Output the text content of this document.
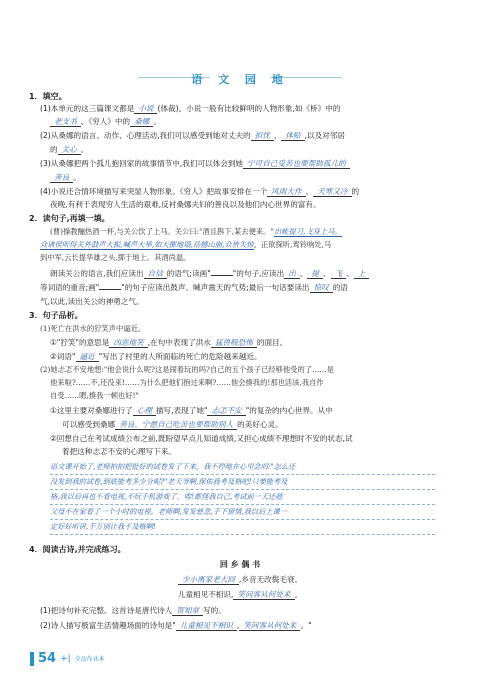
语 文 园 地
1．填空。
(1)本单元的这三篇课文都是 小说 (体裁)。小说一般有比较鲜明的人物形象,如《桥》中的
老支书 、《穷人》中的 桑娜 。
(2)从桑娜的语言、动作、心理活动,我们可以感受到她对丈夫的 担忧 、 体贴 ,以及对邻居
的 关心 。
(3)从桑娜把两个孤儿抱回家的故事情节中,我们可以体会到她 宁可自己受苦也要帮助孤儿的
善良 。
(4)小说还合情环境描写来突显人物形象。《穷人》把故事安排在一个 风雨大作 、 天寒又冷 的
夜晚,有利于表现穷人生活的艰难,反衬桑娜夫妇的善良以及他们内心世界的富有。
2．读句子,再填一填。
(曹)操教酾热酒一杯,与关公饮了上马。关公曰:"酒且斟下,某去便来。"出帐提刀,飞身上马。
众诸侯听得关外鼓声大振,喊声大举,如天摧地塌,岳撼山崩,众皆失惊。正欲探听,鸾铃响处,马
到中军,云长提华雄之头,掷于地上。其酒尚温。
朗读关公的语言,我们应读出 自信 的语气;读画"	"的句子,应读出 出 、 提 、 飞 、 上
等词语的重音;画"	"的句子应读出鼓声、喊声震天的气势;最后一句话要读出 惊叹 的语
气,以此,读出关公的神勇之气。
3．句子品析。
(1)死亡在洪水的狞笑声中逼近。
①"狞笑"的意思是 凶恶地笑 ,在句中表现了洪水 猛兽般恐怖 的面目。
②词语" 逼近 "写出了村里的人所面临的死亡的危险越来越近。
(2)她忐忑不安地想:"他会说什么呢?这是闹着玩的吗?自己的五个孩子已经够他受的了……是
他来啦?……不,还没来!……为什么把他们抱过来啊?……他会揍我的!那也活该,我自作
自受……嗯,揍我一顿也好!"
①这里主要对桑娜进行了 心理 描写,表现了她" 忐忑不安 "的复杂的内心世界。从中
可以感受到桑娜 善良、宁愿自己吃苦也要帮助别人 的美好心灵。
②回想自己在考试成绩公布之前,既盼望早点儿知道成绩,又担心成绩不理想时不安的状态,试
着把这种忐忑不安的心理写下来。
语文课开始了,老师拍拍把批好的试卷发了下来。我不停地在心里念叨:"怎么还
没发到我的试卷,到底能考多少分呢?"老天爷啊,保佑我考及格吧!只要能考及
格,我以后再也不看电视,不玩手机游戏了。唉!都怪我自己,考试前一天还趁
父母不在家看了一个小时的电视。老师啊,发发慈悲,手下留情,我以后上课一
定好好听讲,千万别让我不及格啊!
4．阅读古诗,并完成练习。
回 乡 偶 书
少小离家老大回 ,乡音无改鬓毛衰。
儿童相见不相识, 笑问客从何处来 。
(1)把诗句补充完整。这首诗是唐代诗人 贺知章 写的。
(2)诗人描写极富生活情趣场面的诗句是" 儿童相见不相识 , 笑问客从何处来 。"
54 +| 全品作业本
